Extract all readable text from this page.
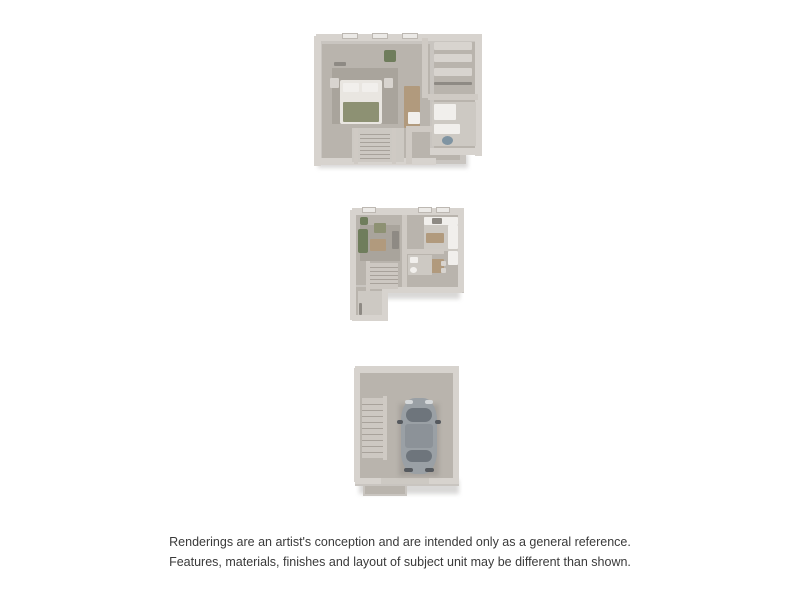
Renderings are an artist's conception and are intended only as a general reference.
Features, materials, finishes and layout of subject unit may be different than shown.
